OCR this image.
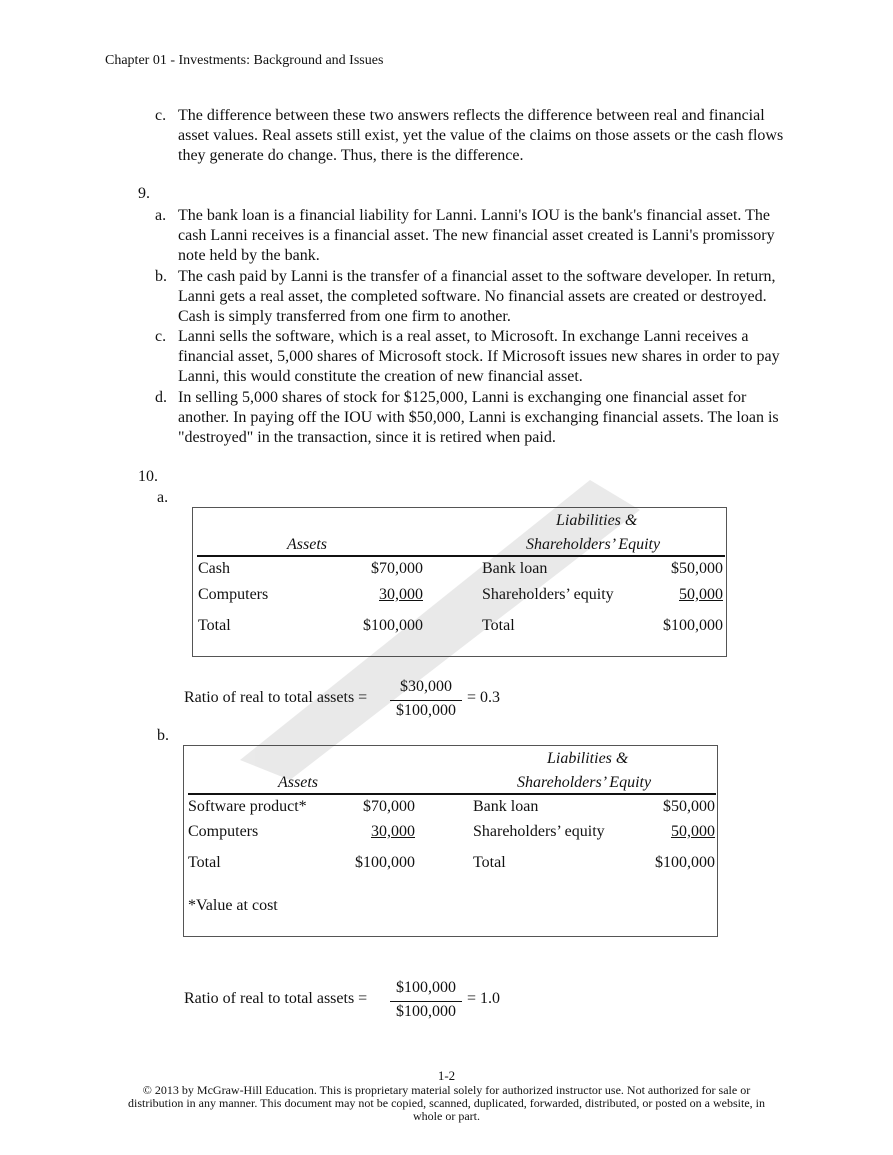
Chapter 01 - Investments: Background and Issues
c. The difference between these two answers reflects the difference between real and financial asset values. Real assets still exist, yet the value of the claims on those assets or the cash flows they generate do change. Thus, there is the difference.
9.
a. The bank loan is a financial liability for Lanni. Lanni's IOU is the bank's financial asset. The cash Lanni receives is a financial asset. The new financial asset created is Lanni's promissory note held by the bank.
b. The cash paid by Lanni is the transfer of a financial asset to the software developer. In return, Lanni gets a real asset, the completed software. No financial assets are created or destroyed. Cash is simply transferred from one firm to another.
c. Lanni sells the software, which is a real asset, to Microsoft. In exchange Lanni receives a financial asset, 5,000 shares of Microsoft stock. If Microsoft issues new shares in order to pay Lanni, this would constitute the creation of new financial asset.
d. In selling 5,000 shares of stock for $125,000, Lanni is exchanging one financial asset for another. In paying off the IOU with $50,000, Lanni is exchanging financial assets. The loan is "destroyed" in the transaction, since it is retired when paid.
10.
a.
Liabilities &
Assets	Shareholders’ Equity
Cash	$70,000	Bank loan	$50,000
Computers	30,000	Shareholders’ equity	50,000
Total	$100,000	Total	$100,000
Ratio of real to total assets =
$30,000
$100,000
= 0.3
b.
Liabilities &
Assets	Shareholders’ Equity
Software product*	$70,000	Bank loan	$50,000
Computers	30,000	Shareholders’ equity	50,000
Total	$100,000	Total	$100,000
*Value at cost
Ratio of real to total assets =
$100,000
$100,000
= 1.0
1-2
© 2013 by McGraw-Hill Education. This is proprietary material solely for authorized instructor use. Not authorized for sale or
distribution in any manner. This document may not be copied, scanned, duplicated, forwarded, distributed, or posted on a website, in
whole or part.
